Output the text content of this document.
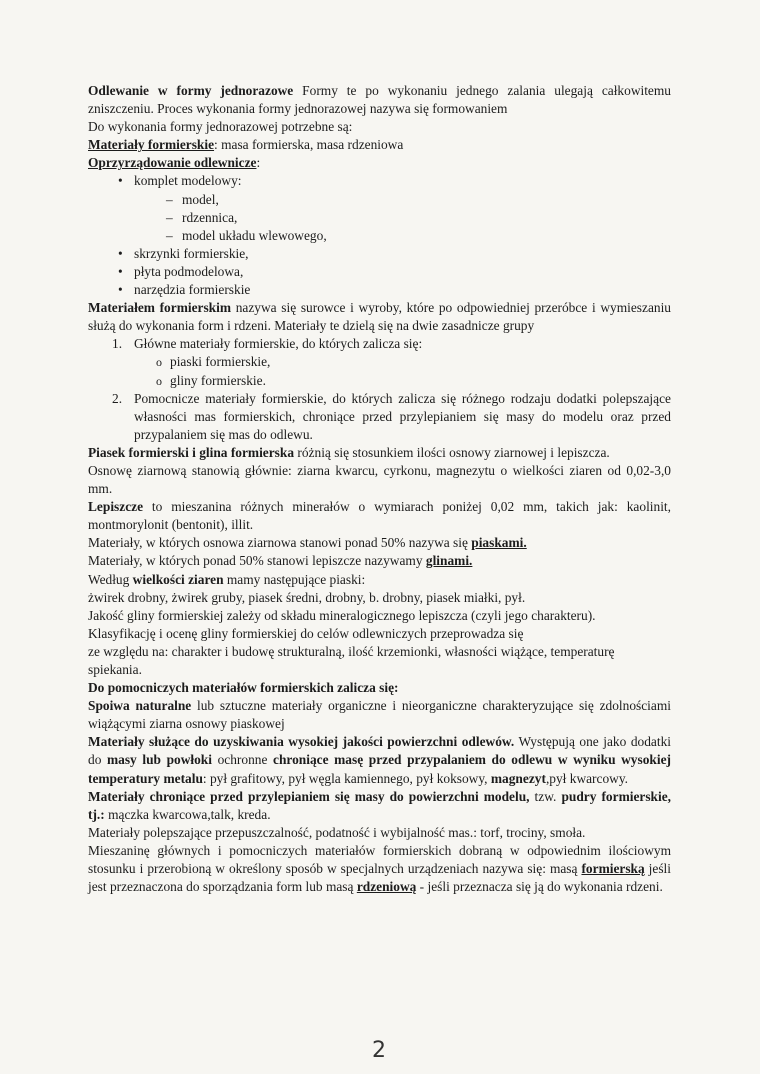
Odlewanie w formy jednorazowe Formy te po wykonaniu jednego zalania ulegają całkowitemu zniszczeniu. Proces wykonania formy jednorazowej nazywa się formowaniem

Do wykonania formy jednorazowej potrzebne są:

Materiały formierskie: masa formierska, masa rdzeniowa

Oprzyrządowanie odlewnicze:

• komplet modelowy:
– model,
– rdzennica,
– model układu wlewowego,
• skrzynki formierskie,
• płyta podmodelowa,
• narzędzia formierskie

Materiałem formierskim nazywa się surowce i wyroby, które po odpowiedniej przeróbce i wymieszaniu służą do wykonania form i rdzeni. Materiały te dzielą się na dwie zasadnicze grupy

1. Główne materiały formierskie, do których zalicza się:
o piaski formierskie,
o gliny formierskie.
2. Pomocnicze materiały formierskie, do których zalicza się różnego rodzaju dodatki polepszające własności mas formierskich, chroniące przed przylepianiem się masy do modelu oraz przed przypalaniem się mas do odlewu.

Piasek formierski i glina formierska różnią się stosunkiem ilości osnowy ziarnowej i lepiszcza.

Osnowę ziarnową stanowią głównie: ziarna kwarcu, cyrkonu, magnezytu o wielkości ziaren od 0,02-3,0 mm.

Lepiszcze to mieszanina różnych minerałów o wymiarach poniżej 0,02 mm, takich jak: kaolinit, montmorylonit (bentonit), illit.

Materiały, w których osnowa ziarnowa stanowi ponad 50% nazywa się piaskami.

Materiały, w których ponad 50% stanowi lepiszcze nazywamy glinami.

Według wielkości ziaren mamy następujące piaski:

żwirek drobny, żwirek gruby, piasek średni, drobny, b. drobny, piasek miałki, pył.

Jakość gliny formierskiej zależy od składu mineralogicznego lepiszcza (czyli jego charakteru).

Klasyfikację i ocenę gliny formierskiej do celów odlewniczych przeprowadza się

ze względu na: charakter i budowę strukturalną, ilość krzemionki, własności wiążące, temperaturę spiekania.

Do pomocniczych materiałów formierskich zalicza się:

Spoiwa naturalne lub sztuczne materiały organiczne i nieorganiczne charakteryzujące się zdolnościami wiążącymi ziarna osnowy piaskowej

Materiały służące do uzyskiwania wysokiej jakości powierzchni odlewów. Występują one jako dodatki do masy lub powłoki ochronne chroniące masę przed przypalaniem do odlewu w wyniku wysokiej temperatury metalu: pył grafitowy, pył węgla kamiennego, pył koksowy, magnezyt,pył kwarcowy.

Materiały chroniące przed przylepianiem się masy do powierzchni modelu, tzw. pudry formierskie, tj.: mączka kwarcowa,talk, kreda.

Materiały polepszające przepuszczalność, podatność i wybijalność mas.: torf, trociny, smoła.

Mieszaninę głównych i pomocniczych materiałów formierskich dobraną w odpowiednim ilościowym stosunku i przerobioną w określony sposób w specjalnych urządzeniach nazywa się: masą formierską jeśli jest przeznaczona do sporządzania form lub masą rdzeniową - jeśli przeznacza się ją do wykonania rdzeni.

2
